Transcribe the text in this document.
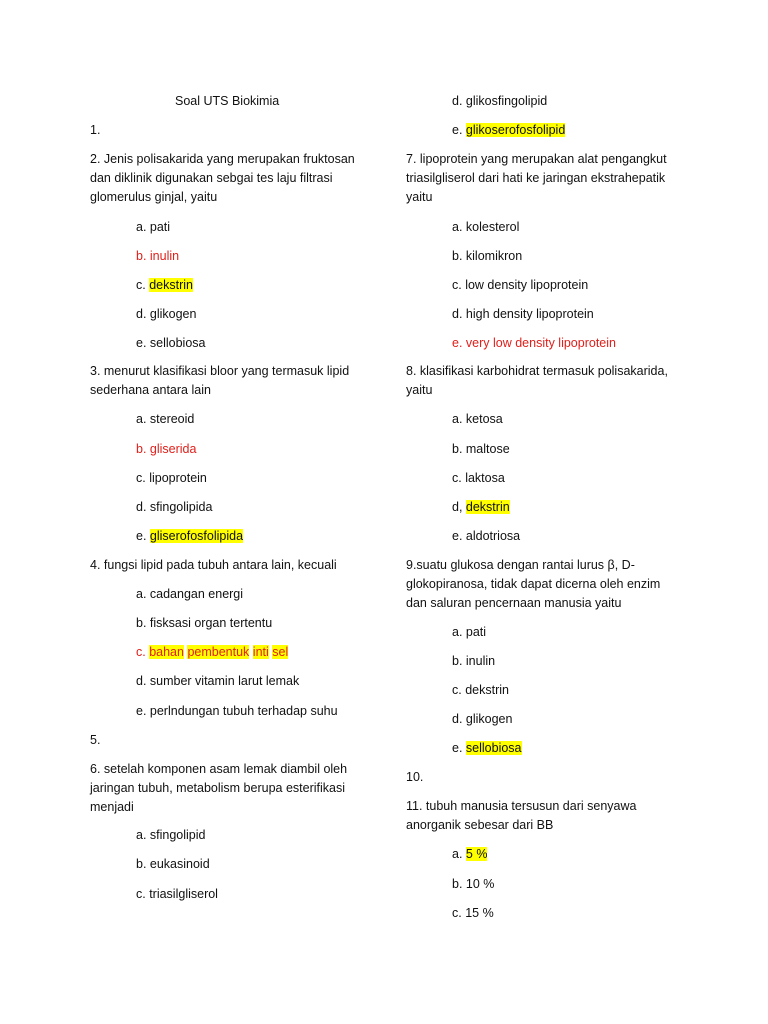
Soal UTS Biokimia
1.
2. Jenis polisakarida yang merupakan fruktosan
dan diklinik digunakan sebgai tes laju filtrasi
glomerulus ginjal, yaitu
a. pati
b. inulin
c. dekstrin
d. glikogen
e. sellobiosa
3. menurut klasifikasi bloor yang termasuk lipid
sederhana antara lain
a. stereoid
b. gliserida
c. lipoprotein
d. sfingolipida
e. gliserofosfolipida
4. fungsi lipid pada tubuh antara lain, kecuali
a. cadangan energi
b. fisksasi organ tertentu
c. bahan pembentuk inti sel
d. sumber vitamin larut lemak
e. perlndungan tubuh terhadap suhu
5.
6. setelah komponen asam lemak diambil oleh
jaringan tubuh, metabolism berupa esterifikasi
menjadi
a. sfingolipid
b. eukasinoid
c. triasilgliserol
d. glikosfingolipid
e. glikoserofosfolipid
7. lipoprotein yang merupakan alat pengangkut
triasilgliserol dari hati ke jaringan ekstrahepatik
yaitu
a. kolesterol
b. kilomikron
c. low density lipoprotein
d. high density lipoprotein
e. very low density lipoprotein
8. klasifikasi karbohidrat termasuk polisakarida,
yaitu
a. ketosa
b. maltose
c. laktosa
d, dekstrin
e. aldotriosa
9.suatu glukosa dengan rantai lurus β, D-
glokopiranosa, tidak dapat dicerna oleh enzim
dan saluran pencernaan manusia yaitu
a. pati
b. inulin
c. dekstrin
d. glikogen
e. sellobiosa
10.
11. tubuh manusia tersusun dari senyawa
anorganik sebesar dari BB
a. 5 %
b. 10 %
c. 15 %
